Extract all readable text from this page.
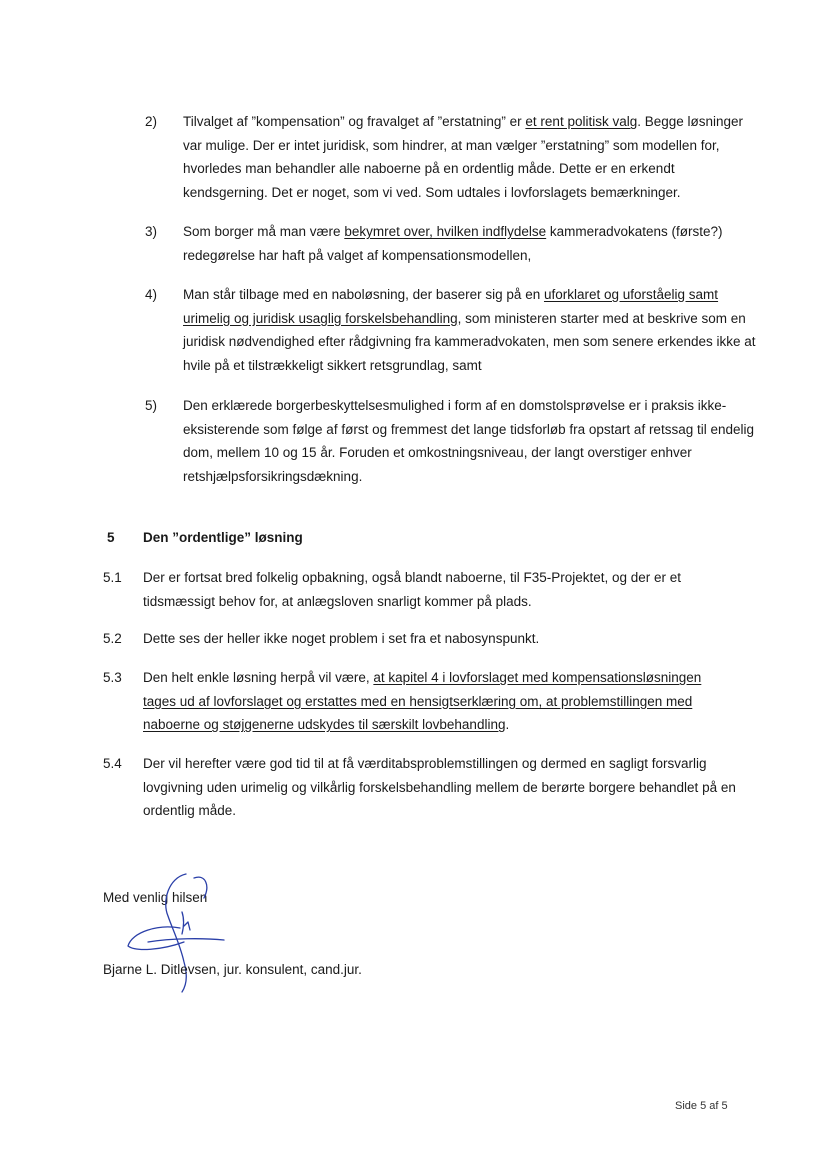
2) Tilvalget af ”kompensation” og fravalget af ”erstatning” er et rent politisk valg. Begge løsninger var mulige. Der er intet juridisk, som hindrer, at man vælger ”erstatning” som modellen for, hvorledes man behandler alle naboerne på en ordentlig måde. Dette er en erkendt kendsgerning. Det er noget, som vi ved. Som udtales i lovforslagets bemærkninger.
3) Som borger må man være bekymret over, hvilken indflydelse kammeradvokatens (første?) redegørelse har haft på valget af kompensationsmodellen,
4) Man står tilbage med en naboløsning, der baserer sig på en uforklaret og uforståelig samt urimelig og juridisk usaglig forskelsbehandling, som ministeren starter med at beskrive som en juridisk nødvendighed efter rådgivning fra kammeradvokaten, men som senere erkendes ikke at hvile på et tilstrækkeligt sikkert retsgrundlag, samt
5) Den erklærede borgerbeskyttelsesmulighed i form af en domstolsprøvelse er i praksis ikke-eksisterende som følge af først og fremmest det lange tidsforløb fra opstart af retssag til endelig dom, mellem 10 og 15 år. Foruden et omkostningsniveau, der langt overstiger enhver retshjælpsforsikringsdækning.
5 Den ”ordentlige” løsning
5.1 Der er fortsat bred folkelig opbakning, også blandt naboerne, til F35-Projektet, og der er et tidsmæssigt behov for, at anlægsloven snarligt kommer på plads.
5.2 Dette ses der heller ikke noget problem i set fra et nabosynspunkt.
5.3 Den helt enkle løsning herpå vil være, at kapitel 4 i lovforslaget med kompensationsløsningen tages ud af lovforslaget og erstattes med en hensigtserklæring om, at problemstillingen med naboerne og støjgenerne udskydes til særskilt lovbehandling.
5.4 Der vil herefter være god tid til at få værditabsproblemstillingen og dermed en sagligt forsvarlig lovgivning uden urimelig og vilkårlig forskelsbehandling mellem de berørte borgere behandlet på en ordentlig måde.
Med venlig hilsen
Bjarne L. Ditlevsen, jur. konsulent, cand.jur.
Side 5 af 5
